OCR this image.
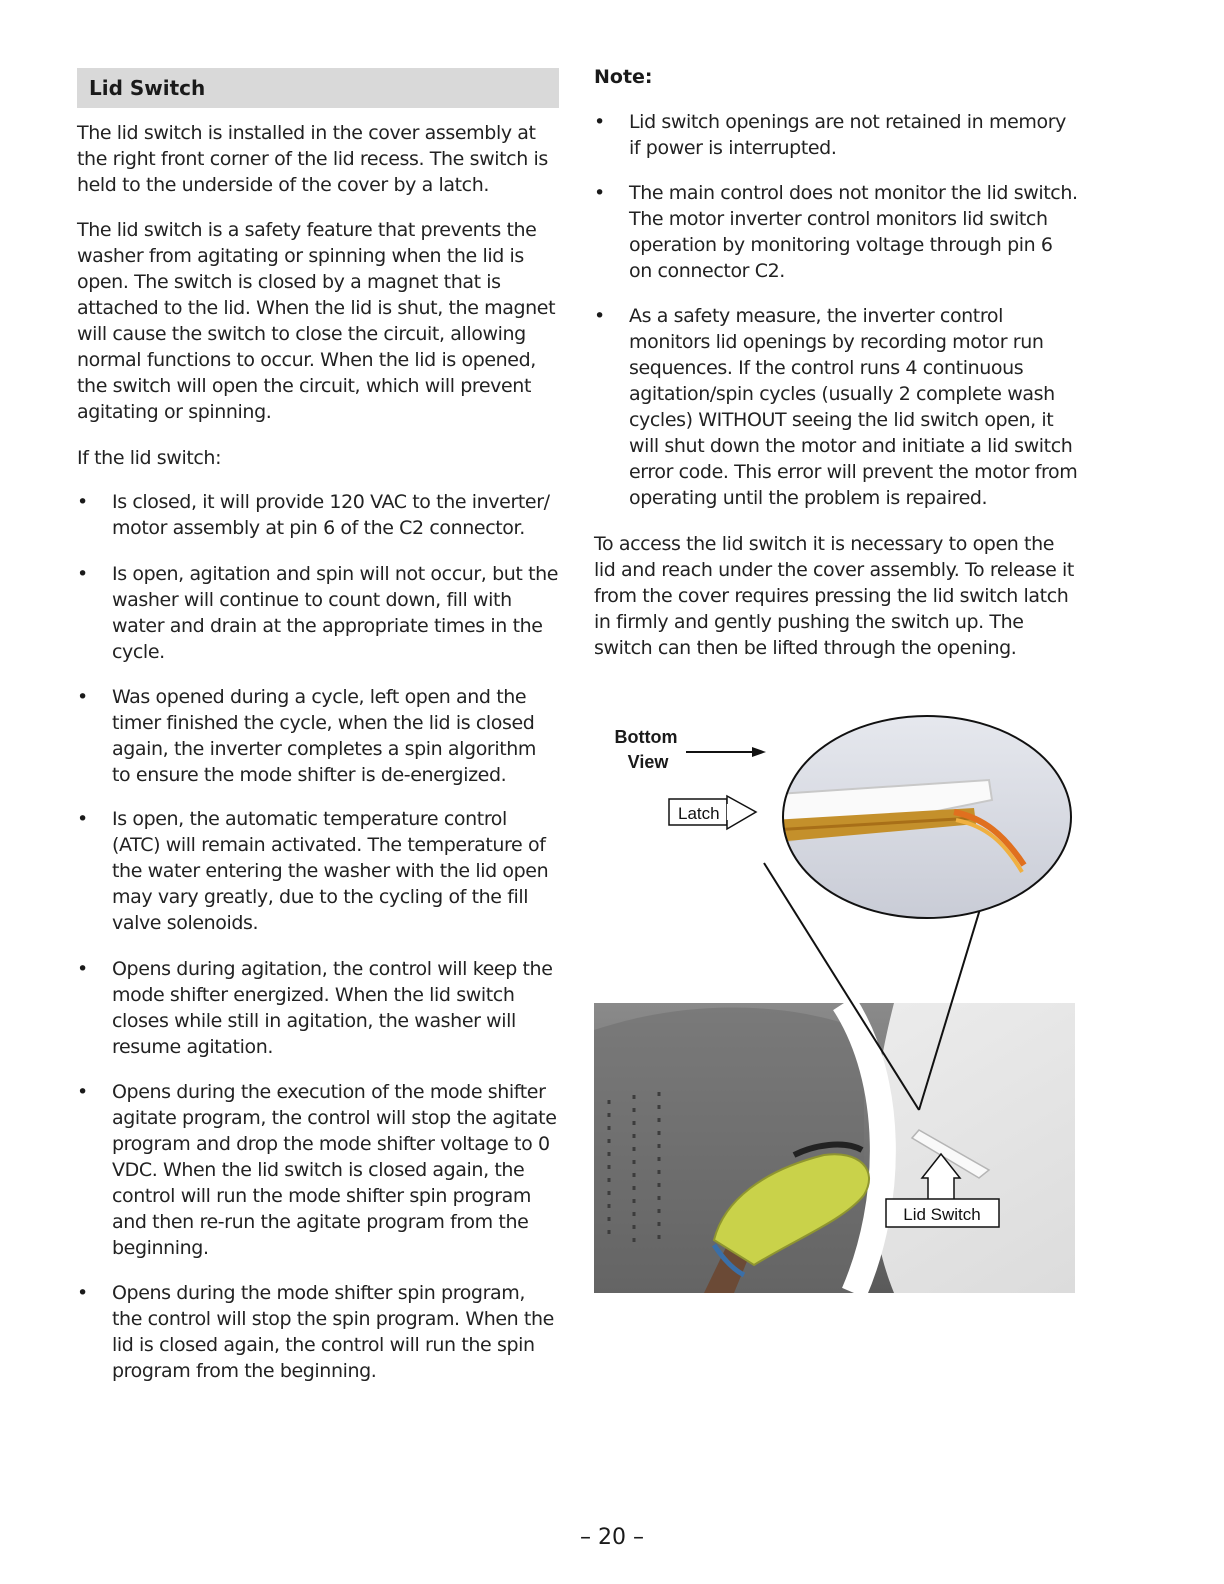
Lid Switch

The lid switch is installed in the cover assembly at the right front corner of the lid recess. The switch is held to the underside of the cover by a latch.

The lid switch is a safety feature that prevents the washer from agitating or spinning when the lid is open. The switch is closed by a magnet that is attached to the lid. When the lid is shut, the magnet will cause the switch to close the circuit, allowing normal functions to occur. When the lid is opened, the switch will open the circuit, which will prevent agitating or spinning.

If the lid switch:

•	Is closed, it will provide 120 VAC to the inverter/ motor assembly at pin 6 of the C2 connector.

•	Is open, agitation and spin will not occur, but the washer will continue to count down, fill with water and drain at the appropriate times in the cycle.

•	Was opened during a cycle, left open and the timer finished the cycle, when the lid is closed again, the inverter completes a spin algorithm to ensure the mode shifter is de-energized.

•	Is open, the automatic temperature control (ATC) will remain activated. The temperature of the water entering the washer with the lid open may vary greatly, due to the cycling of the fill valve solenoids.

•	Opens during agitation, the control will keep the mode shifter energized. When the lid switch closes while still in agitation, the washer will resume agitation.

•	Opens during the execution of the mode shifter agitate program, the control will stop the agitate program and drop the mode shifter voltage to 0 VDC. When the lid switch is closed again, the control will run the mode shifter spin program and then re-run the agitate program from the beginning.

•	Opens during the mode shifter spin program, the control will stop the spin program. When the lid is closed again, the control will run the spin program from the beginning.

Note:
•	Lid switch openings are not retained in memory if power is interrupted.

•	The main control does not monitor the lid switch. The motor inverter control monitors lid switch operation by monitoring voltage through pin 6 on connector C2.

•	As a safety measure, the inverter control monitors lid openings by recording motor run sequences. If the control runs 4 continuous agitation/spin cycles (usually 2 complete wash cycles) WITHOUT seeing the lid switch open, it will shut down the motor and initiate a lid switch error code. This error will prevent the motor from operating until the problem is repaired.

To access the lid switch it is necessary to open the lid and reach under the cover assembly. To release it from the cover requires pressing the lid switch latch in firmly and gently pushing the switch up. The switch can then be lifted through the opening.

Bottom
View
Latch
Lid Switch
– 20 –
